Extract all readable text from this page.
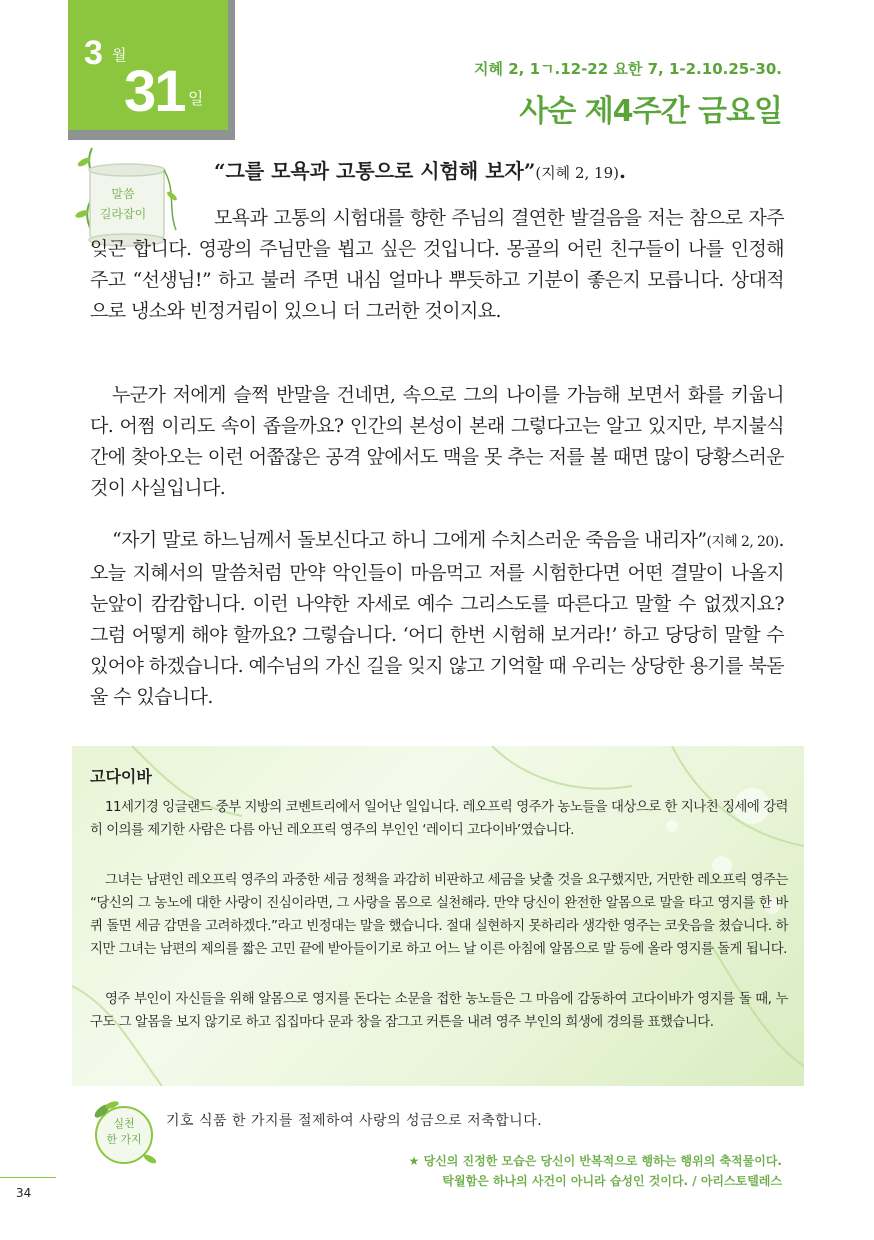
3 월
31 일
지혜 2, 1ㄱ.12-22 요한 7, 1-2.10.25-30.
사순 제4주간 금요일
말씀
길라잡이
“그를 모욕과 고통으로 시험해 보자”(지혜 2, 19).
모욕과 고통의 시험대를 향한 주님의 결연한 발걸음을 저는 참으로 자주 잊곤 합니다. 영광의 주님만을 뵙고 싶은 것입니다. 몽골의 어린 친구들이 나를 인정해 주고 “선생님!” 하고 불러 주면 내심 얼마나 뿌듯하고 기분이 좋은지 모릅니다. 상대적으로 냉소와 빈정거림이 있으니 더 그러한 것이지요.
누군가 저에게 슬쩍 반말을 건네면, 속으로 그의 나이를 가늠해 보면서 화를 키웁니다. 어쩜 이리도 속이 좁을까요? 인간의 본성이 본래 그렇다고는 알고 있지만, 부지불식간에 찾아오는 이런 어쭙잖은 공격 앞에서도 맥을 못 추는 저를 볼 때면 많이 당황스러운 것이 사실입니다.
“자기 말로 하느님께서 돌보신다고 하니 그에게 수치스러운 죽음을 내리자”(지혜 2, 20). 오늘 지혜서의 말씀처럼 만약 악인들이 마음먹고 저를 시험한다면 어떤 결말이 나올지 눈앞이 캄캄합니다. 이런 나약한 자세로 예수 그리스도를 따른다고 말할 수 없겠지요? 그럼 어떻게 해야 할까요? 그렇습니다. ‘어디 한번 시험해 보거라!’ 하고 당당히 말할 수 있어야 하겠습니다. 예수님의 가신 길을 잊지 않고 기억할 때 우리는 상당한 용기를 북돋울 수 있습니다.
고다이바
11세기경 잉글랜드 중부 지방의 코벤트리에서 일어난 일입니다. 레오프릭 영주가 농노들을 대상으로 한 지나친 징세에 강력히 이의를 제기한 사람은 다름 아닌 레오프릭 영주의 부인인 ‘레이디 고다이바’였습니다.
그녀는 남편인 레오프릭 영주의 과중한 세금 정책을 과감히 비판하고 세금을 낮출 것을 요구했지만, 거만한 레오프릭 영주는 “당신의 그 농노에 대한 사랑이 진심이라면, 그 사랑을 몸으로 실천해라. 만약 당신이 완전한 알몸으로 말을 타고 영지를 한 바퀴 돌면 세금 감면을 고려하겠다.”라고 빈정대는 말을 했습니다. 절대 실현하지 못하리라 생각한 영주는 코웃음을 쳤습니다. 하지만 그녀는 남편의 제의를 짧은 고민 끝에 받아들이기로 하고 어느 날 이른 아침에 알몸으로 말 등에 올라 영지를 돌게 됩니다.
영주 부인이 자신들을 위해 알몸으로 영지를 돈다는 소문을 접한 농노들은 그 마음에 감동하여 고다이바가 영지를 돌 때, 누구도 그 알몸을 보지 않기로 하고 집집마다 문과 창을 잠그고 커튼을 내려 영주 부인의 희생에 경의를 표했습니다.
실천
한 가지
기호 식품 한 가지를 절제하여 사랑의 성금으로 저축합니다.
★ 당신의 진정한 모습은 당신이 반복적으로 행하는 행위의 축적물이다.
탁월함은 하나의 사건이 아니라 습성인 것이다. / 아리스토텔레스
34
